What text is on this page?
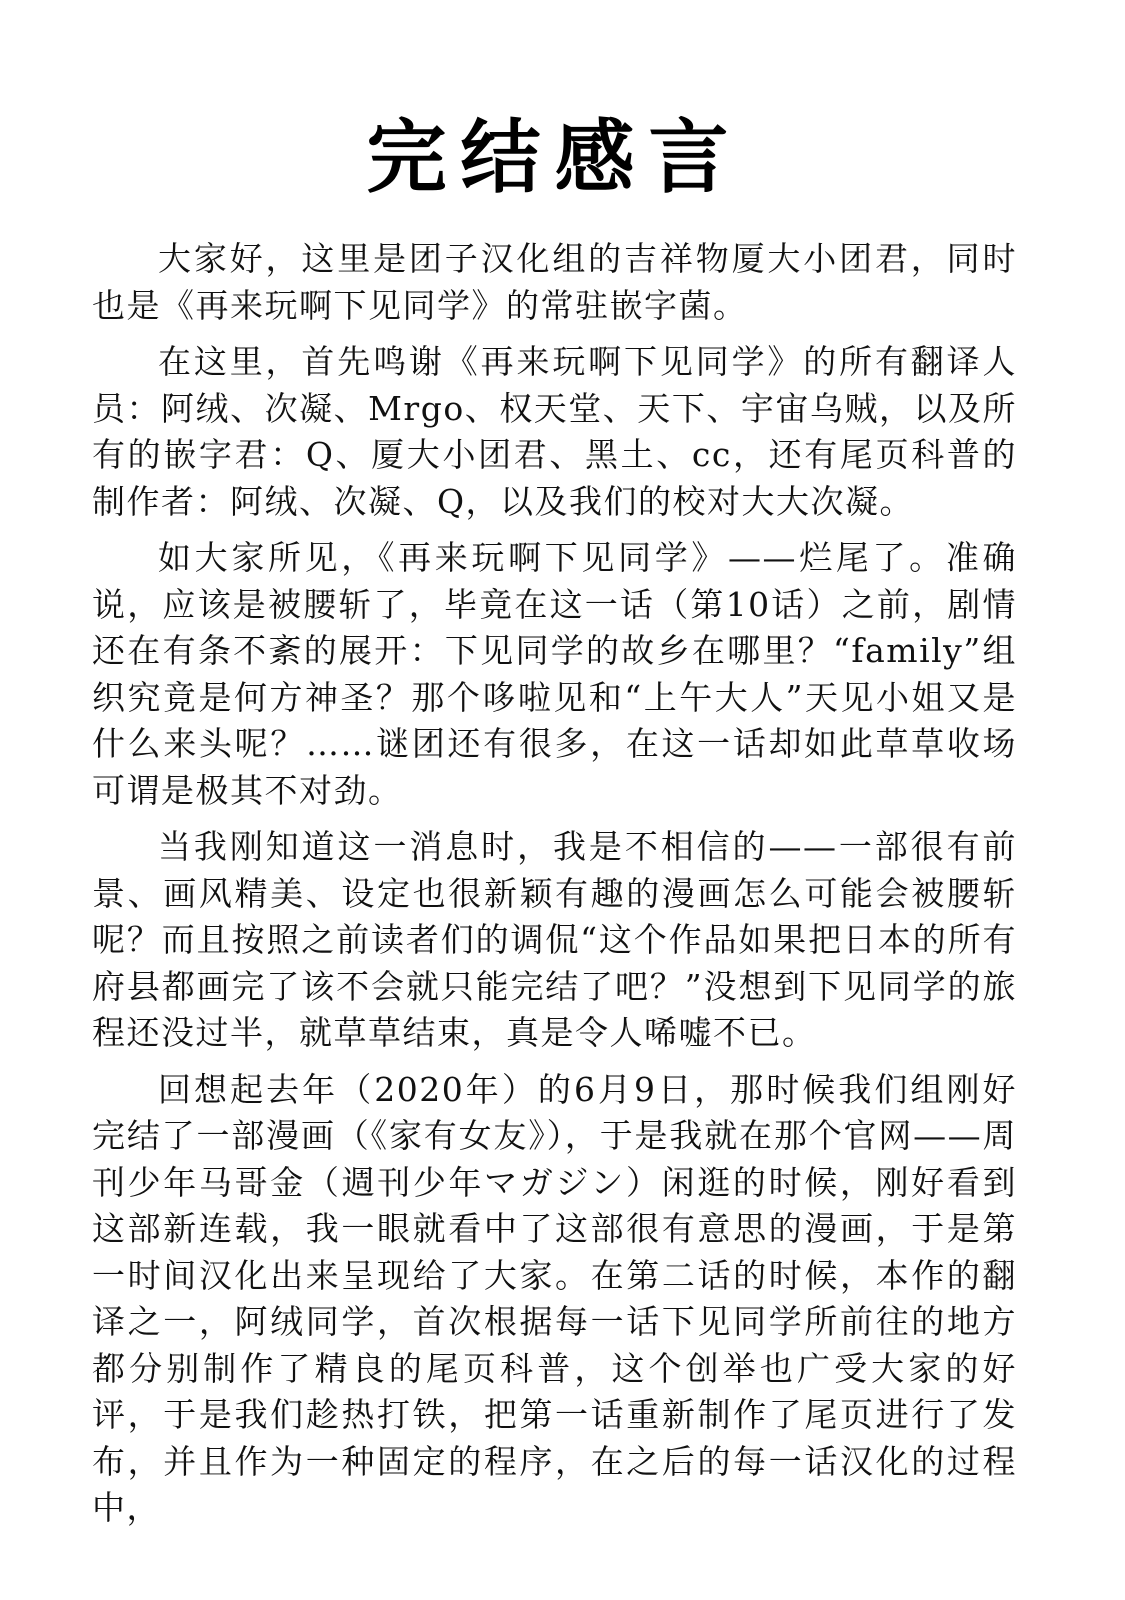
完结感言

大家好，这里是团子汉化组的吉祥物厦大小团君，同时也是《再来玩啊下见同学》的常驻嵌字菌。

在这里，首先鸣谢《再来玩啊下见同学》的所有翻译人员：阿绒、次凝、Mrgo、权天堂、天下、宇宙乌贼，以及所有的嵌字君：Q、厦大小团君、黑土、cc，还有尾页科普的制作者：阿绒、次凝、Q，以及我们的校对大大次凝。

如大家所见，《再来玩啊下见同学》——烂尾了。准确说，应该是被腰斩了，毕竟在这一话（第10话）之前，剧情还在有条不紊的展开：下见同学的故乡在哪里？“family”组织究竟是何方神圣？那个哆啦见和“上午大人”天见小姐又是什么来头呢？……谜团还有很多，在这一话却如此草草收场可谓是极其不对劲。

当我刚知道这一消息时，我是不相信的——一部很有前景、画风精美、设定也很新颖有趣的漫画怎么可能会被腰斩呢？而且按照之前读者们的调侃“这个作品如果把日本的所有府县都画完了该不会就只能完结了吧？”没想到下见同学的旅程还没过半，就草草结束，真是令人唏嘘不已。

回想起去年（2020年）的6月9日，那时候我们组刚好完结了一部漫画（《家有女友》），于是我就在那个官网——周刊少年马哥金（週刊少年マガジン）闲逛的时候，刚好看到这部新连载，我一眼就看中了这部很有意思的漫画，于是第一时间汉化出来呈现给了大家。在第二话的时候，本作的翻译之一，阿绒同学，首次根据每一话下见同学所前往的地方都分别制作了精良的尾页科普，这个创举也广受大家的好评，于是我们趁热打铁，把第一话重新制作了尾页进行了发布，并且作为一种固定的程序，在之后的每一话汉化的过程中，
